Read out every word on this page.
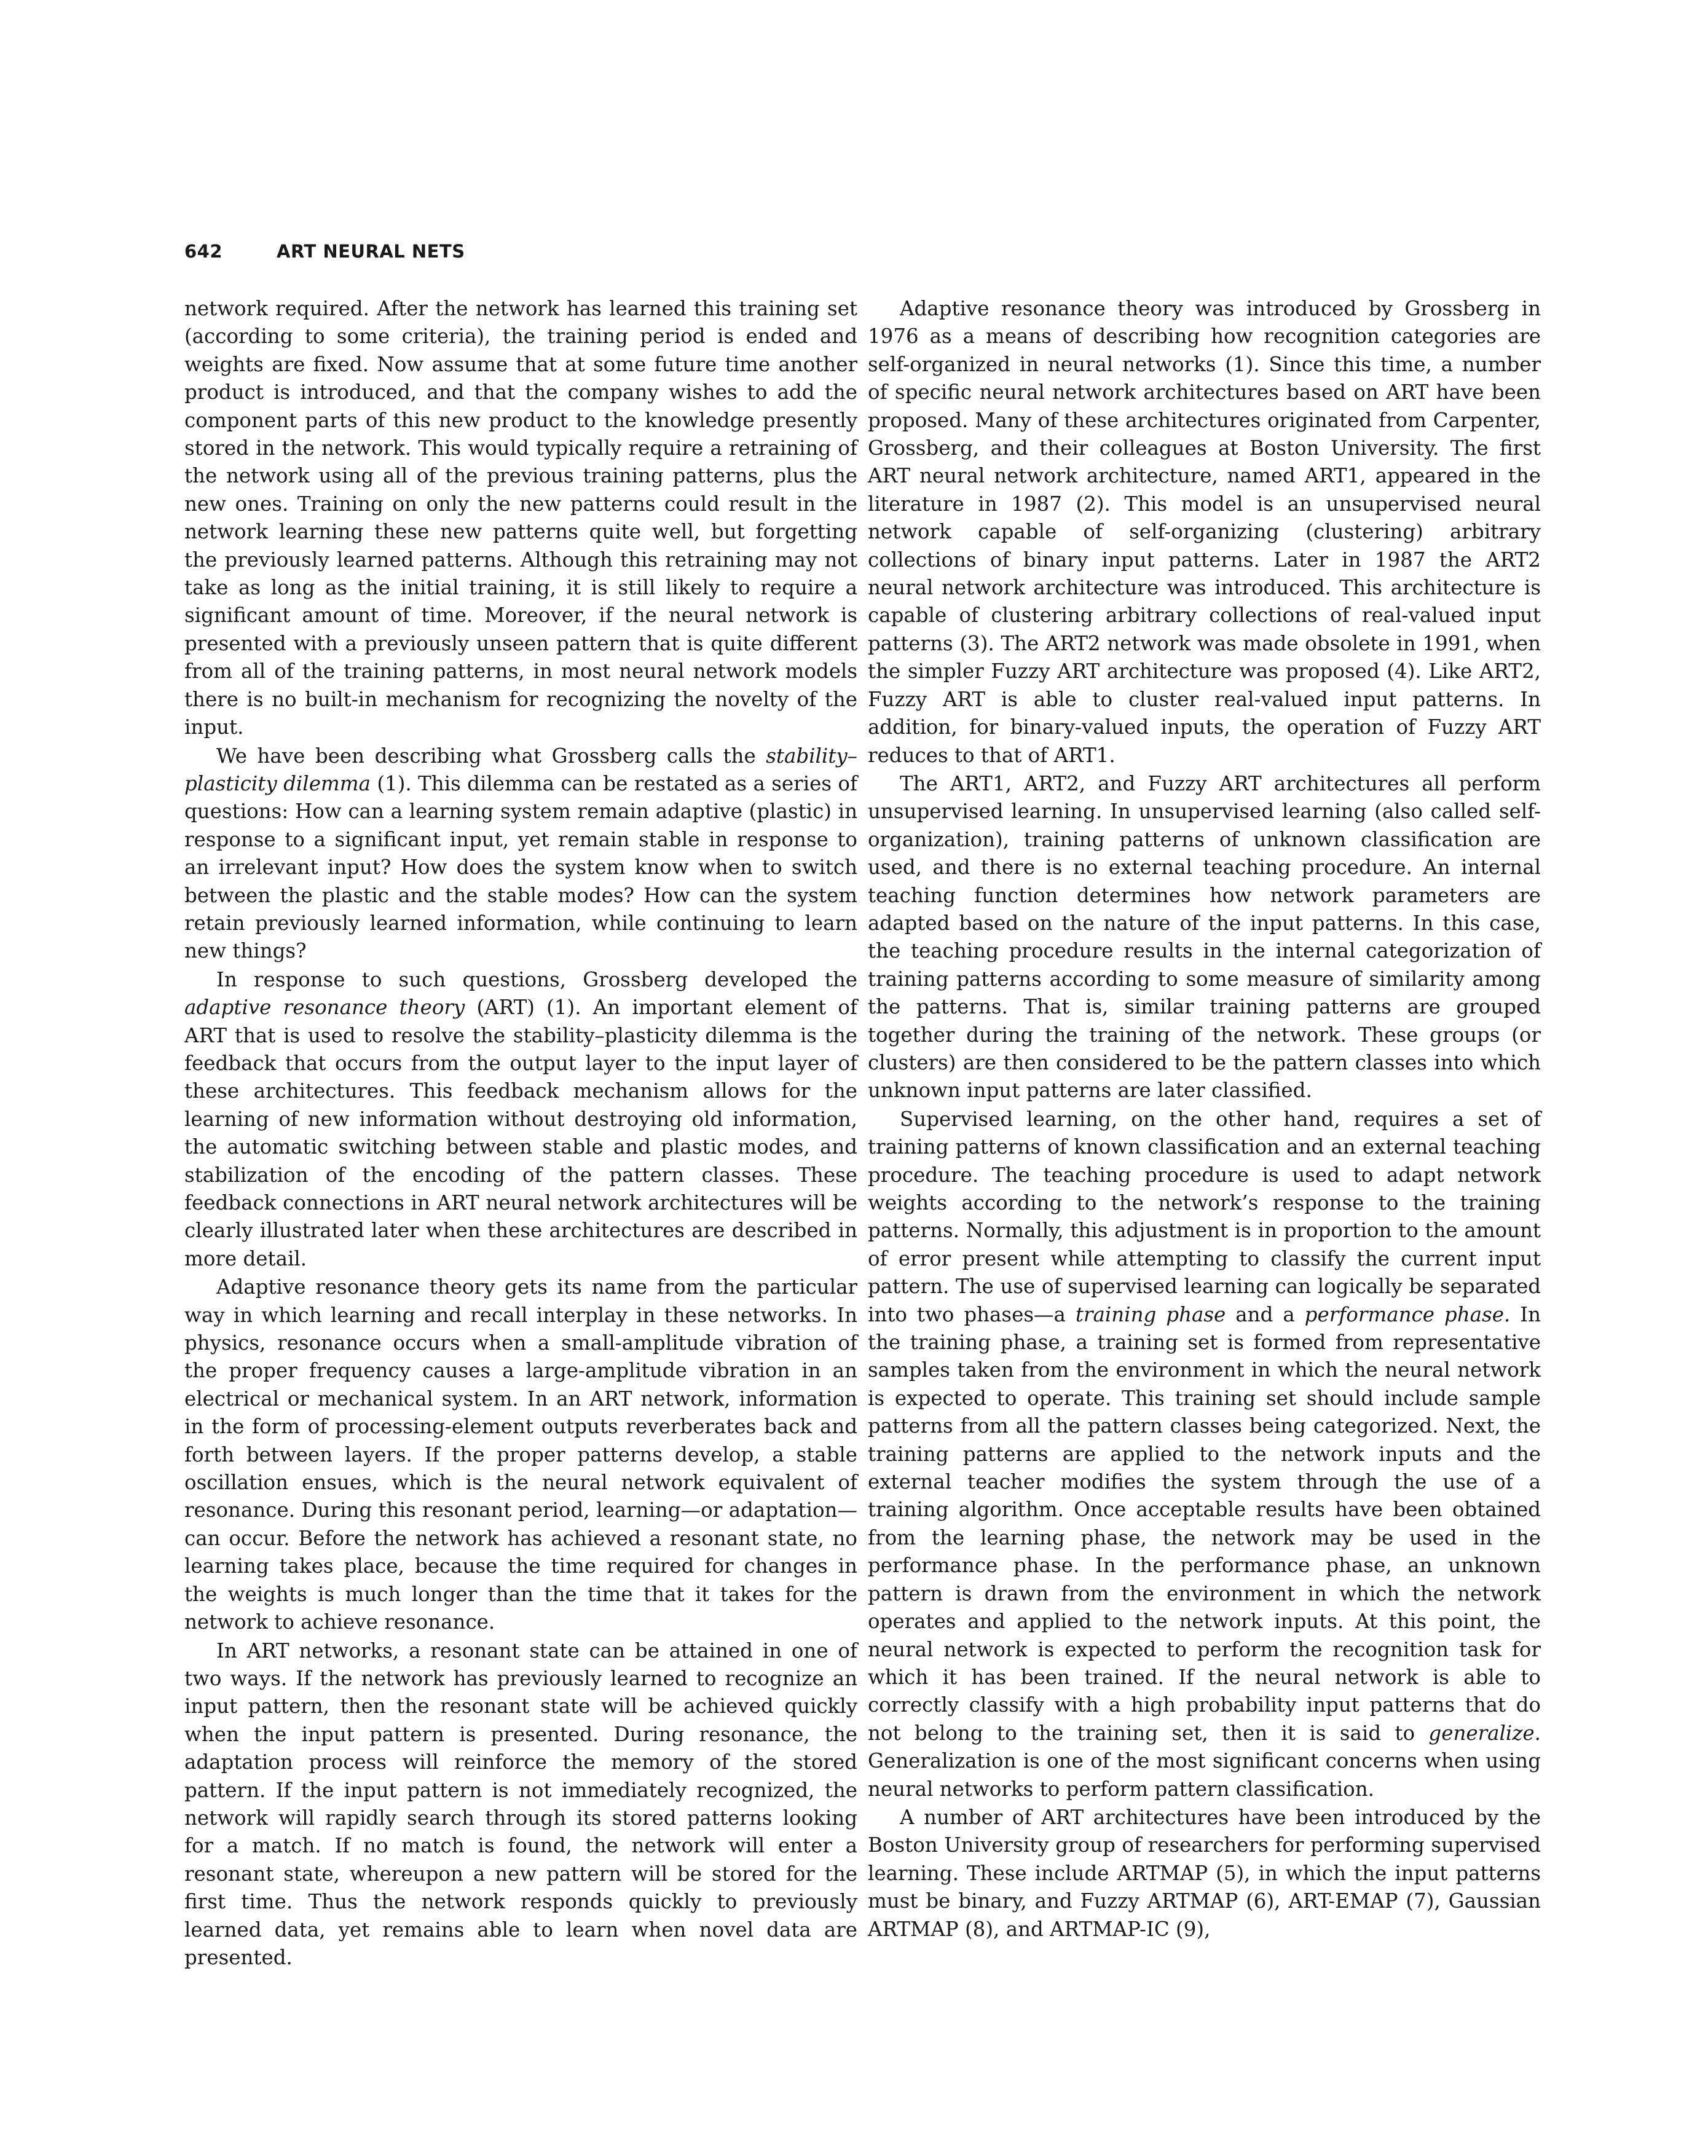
642	ART NEURAL NETS

network required. After the network has learned this training set (according to some criteria), the training period is ended and weights are fixed. Now assume that at some future time another product is introduced, and that the company wishes to add the component parts of this new product to the knowledge presently stored in the network. This would typically require a retraining of the network using all of the previous training patterns, plus the new ones. Training on only the new patterns could result in the network learning these new patterns quite well, but forgetting the previously learned patterns. Although this retraining may not take as long as the initial training, it is still likely to require a significant amount of time. Moreover, if the neural network is presented with a previously unseen pattern that is quite different from all of the training patterns, in most neural network models there is no built-in mechanism for recognizing the novelty of the input.

We have been describing what Grossberg calls the stability–plasticity dilemma (1). This dilemma can be restated as a series of questions: How can a learning system remain adaptive (plastic) in response to a significant input, yet remain stable in response to an irrelevant input? How does the system know when to switch between the plastic and the stable modes? How can the system retain previously learned information, while continuing to learn new things?

In response to such questions, Grossberg developed the adaptive resonance theory (ART) (1). An important element of ART that is used to resolve the stability–plasticity dilemma is the feedback that occurs from the output layer to the input layer of these architectures. This feedback mechanism allows for the learning of new information without destroying old information, the automatic switching between stable and plastic modes, and stabilization of the encoding of the pattern classes. These feedback connections in ART neural network architectures will be clearly illustrated later when these architectures are described in more detail.

Adaptive resonance theory gets its name from the particular way in which learning and recall interplay in these networks. In physics, resonance occurs when a small-amplitude vibration of the proper frequency causes a large-amplitude vibration in an electrical or mechanical system. In an ART network, information in the form of processing-element outputs reverberates back and forth between layers. If the proper patterns develop, a stable oscillation ensues, which is the neural network equivalent of resonance. During this resonant period, learning—or adaptation—can occur. Before the network has achieved a resonant state, no learning takes place, because the time required for changes in the weights is much longer than the time that it takes for the network to achieve resonance.

In ART networks, a resonant state can be attained in one of two ways. If the network has previously learned to recognize an input pattern, then the resonant state will be achieved quickly when the input pattern is presented. During resonance, the adaptation process will reinforce the memory of the stored pattern. If the input pattern is not immediately recognized, the network will rapidly search through its stored patterns looking for a match. If no match is found, the network will enter a resonant state, whereupon a new pattern will be stored for the first time. Thus the network responds quickly to previously learned data, yet remains able to learn when novel data are presented.

Adaptive resonance theory was introduced by Grossberg in 1976 as a means of describing how recognition categories are self-organized in neural networks (1). Since this time, a number of specific neural network architectures based on ART have been proposed. Many of these architectures originated from Carpenter, Grossberg, and their colleagues at Boston University. The first ART neural network architecture, named ART1, appeared in the literature in 1987 (2). This model is an unsupervised neural network capable of self-organizing (clustering) arbitrary collections of binary input patterns. Later in 1987 the ART2 neural network architecture was introduced. This architecture is capable of clustering arbitrary collections of real-valued input patterns (3). The ART2 network was made obsolete in 1991, when the simpler Fuzzy ART architecture was proposed (4). Like ART2, Fuzzy ART is able to cluster real-valued input patterns. In addition, for binary-valued inputs, the operation of Fuzzy ART reduces to that of ART1.

The ART1, ART2, and Fuzzy ART architectures all perform unsupervised learning. In unsupervised learning (also called self-organization), training patterns of unknown classification are used, and there is no external teaching procedure. An internal teaching function determines how network parameters are adapted based on the nature of the input patterns. In this case, the teaching procedure results in the internal categorization of training patterns according to some measure of similarity among the patterns. That is, similar training patterns are grouped together during the training of the network. These groups (or clusters) are then considered to be the pattern classes into which unknown input patterns are later classified.

Supervised learning, on the other hand, requires a set of training patterns of known classification and an external teaching procedure. The teaching procedure is used to adapt network weights according to the network’s response to the training patterns. Normally, this adjustment is in proportion to the amount of error present while attempting to classify the current input pattern. The use of supervised learning can logically be separated into two phases—a training phase and a performance phase. In the training phase, a training set is formed from representative samples taken from the environment in which the neural network is expected to operate. This training set should include sample patterns from all the pattern classes being categorized. Next, the training patterns are applied to the network inputs and the external teacher modifies the system through the use of a training algorithm. Once acceptable results have been obtained from the learning phase, the network may be used in the performance phase. In the performance phase, an unknown pattern is drawn from the environment in which the network operates and applied to the network inputs. At this point, the neural network is expected to perform the recognition task for which it has been trained. If the neural network is able to correctly classify with a high probability input patterns that do not belong to the training set, then it is said to generalize. Generalization is one of the most significant concerns when using neural networks to perform pattern classification.

A number of ART architectures have been introduced by the Boston University group of researchers for performing supervised learning. These include ARTMAP (5), in which the input patterns must be binary, and Fuzzy ARTMAP (6), ART-EMAP (7), Gaussian ARTMAP (8), and ARTMAP-IC (9),
